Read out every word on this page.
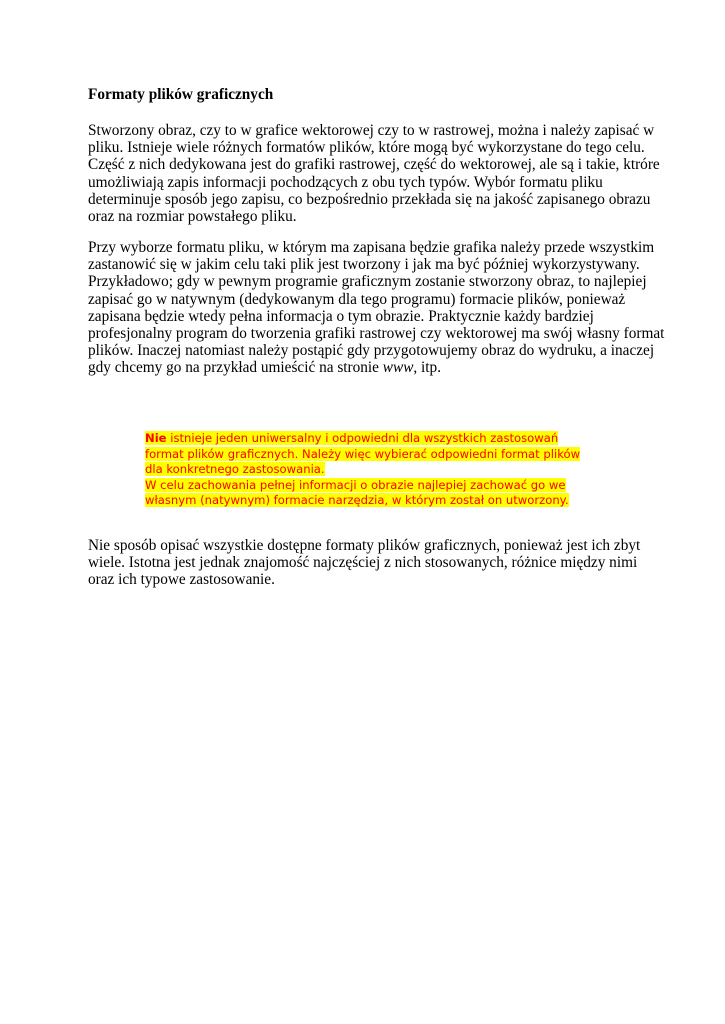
Formaty plików graficznych

Stworzony obraz, czy to w grafice wektorowej czy to w rastrowej, można i należy zapisać w
pliku. Istnieje wiele różnych formatów plików, które mogą być wykorzystane do tego celu.
Część z nich dedykowana jest do grafiki rastrowej, część do wektorowej, ale są i takie, ktróre
umożliwiają zapis informacji pochodzących z obu tych typów. Wybór formatu pliku
determinuje sposób jego zapisu, co bezpośrednio przekłada się na jakość zapisanego obrazu
oraz na rozmiar powstałego pliku.

Przy wyborze formatu pliku, w którym ma zapisana będzie grafika należy przede wszystkim
zastanowić się w jakim celu taki plik jest tworzony i jak ma być później wykorzystywany.
Przykładowo; gdy w pewnym programie graficznym zostanie stworzony obraz, to najlepiej
zapisać go w natywnym (dedykowanym dla tego programu) formacie plików, ponieważ
zapisana będzie wtedy pełna informacja o tym obrazie. Praktycznie każdy bardziej
profesjonalny program do tworzenia grafiki rastrowej czy wektorowej ma swój własny format
plików. Inaczej natomiast należy postąpić gdy przygotowujemy obraz do wydruku, a inaczej
gdy chcemy go na przykład umieścić na stronie www, itp.

Nie istnieje jeden uniwersalny i odpowiedni dla wszystkich zastosowań
format plików graficznych. Należy więc wybierać odpowiedni format plików
dla konkretnego zastosowania.
W celu zachowania pełnej informacji o obrazie najlepiej zachować go we
własnym (natywnym) formacie narzędzia, w którym został on utworzony.

Nie sposób opisać wszystkie dostępne formaty plików graficznych, ponieważ jest ich zbyt
wiele. Istotna jest jednak znajomość najczęściej z nich stosowanych, różnice między nimi
oraz ich typowe zastosowanie.
